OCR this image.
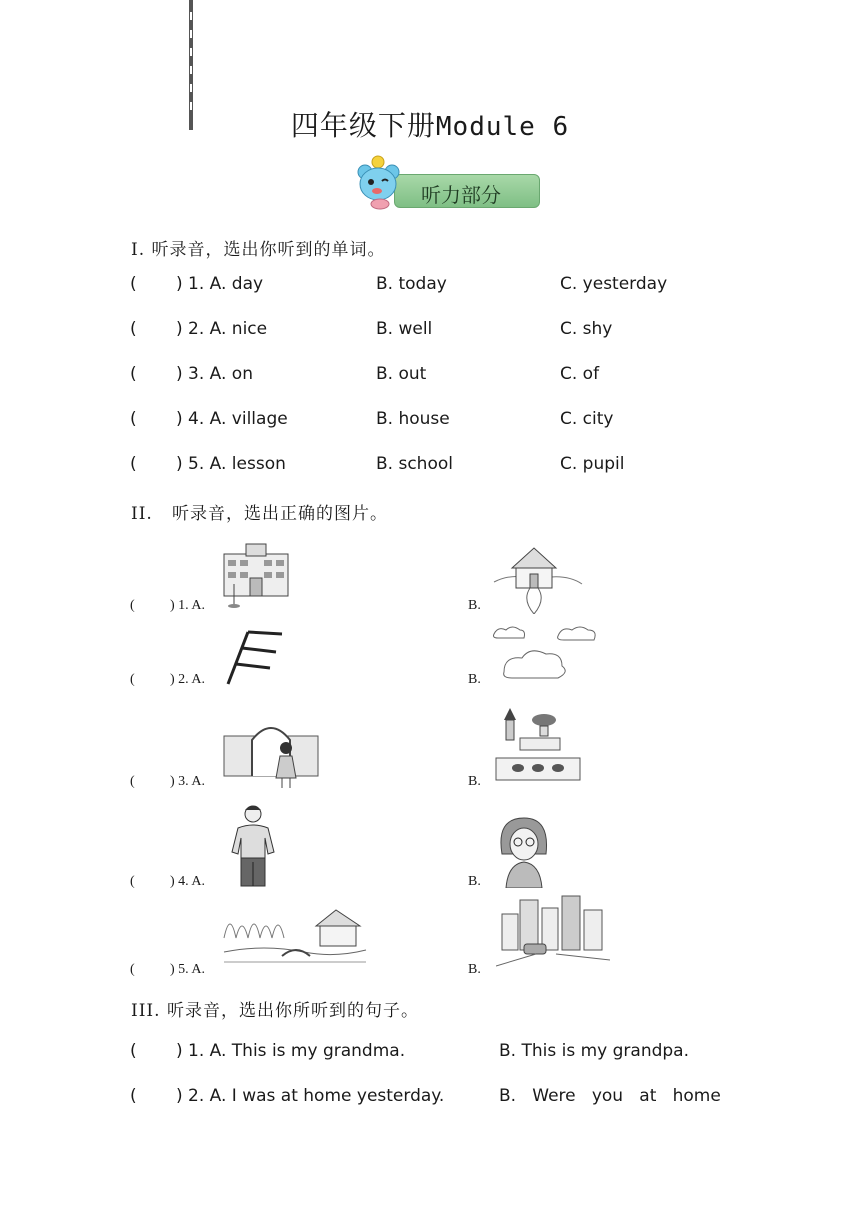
四年级下册Module 6
听力部分
I. 听录音，选出你听到的单词。
( ) 1. A. day	B. today	C. yesterday
( ) 2. A. nice	B. well	C. shy
( ) 3. A. on	B. out	C. of
( ) 4. A. village	B. house	C. city
( ) 5. A. lesson	B. school	C. pupil
II.   听录音，选出正确的图片。
(	) 1. A.	B.
(	) 2. A.	B.
(	) 3. A.	B.
(	) 4. A.	B.
(	) 5. A.	B.
III. 听录音，选出你所听到的句子。
( ) 1. A. This is my grandma.	B. This is my grandpa.
( ) 2. A. I was at home yesterday.	B.   Were   you   at   home
